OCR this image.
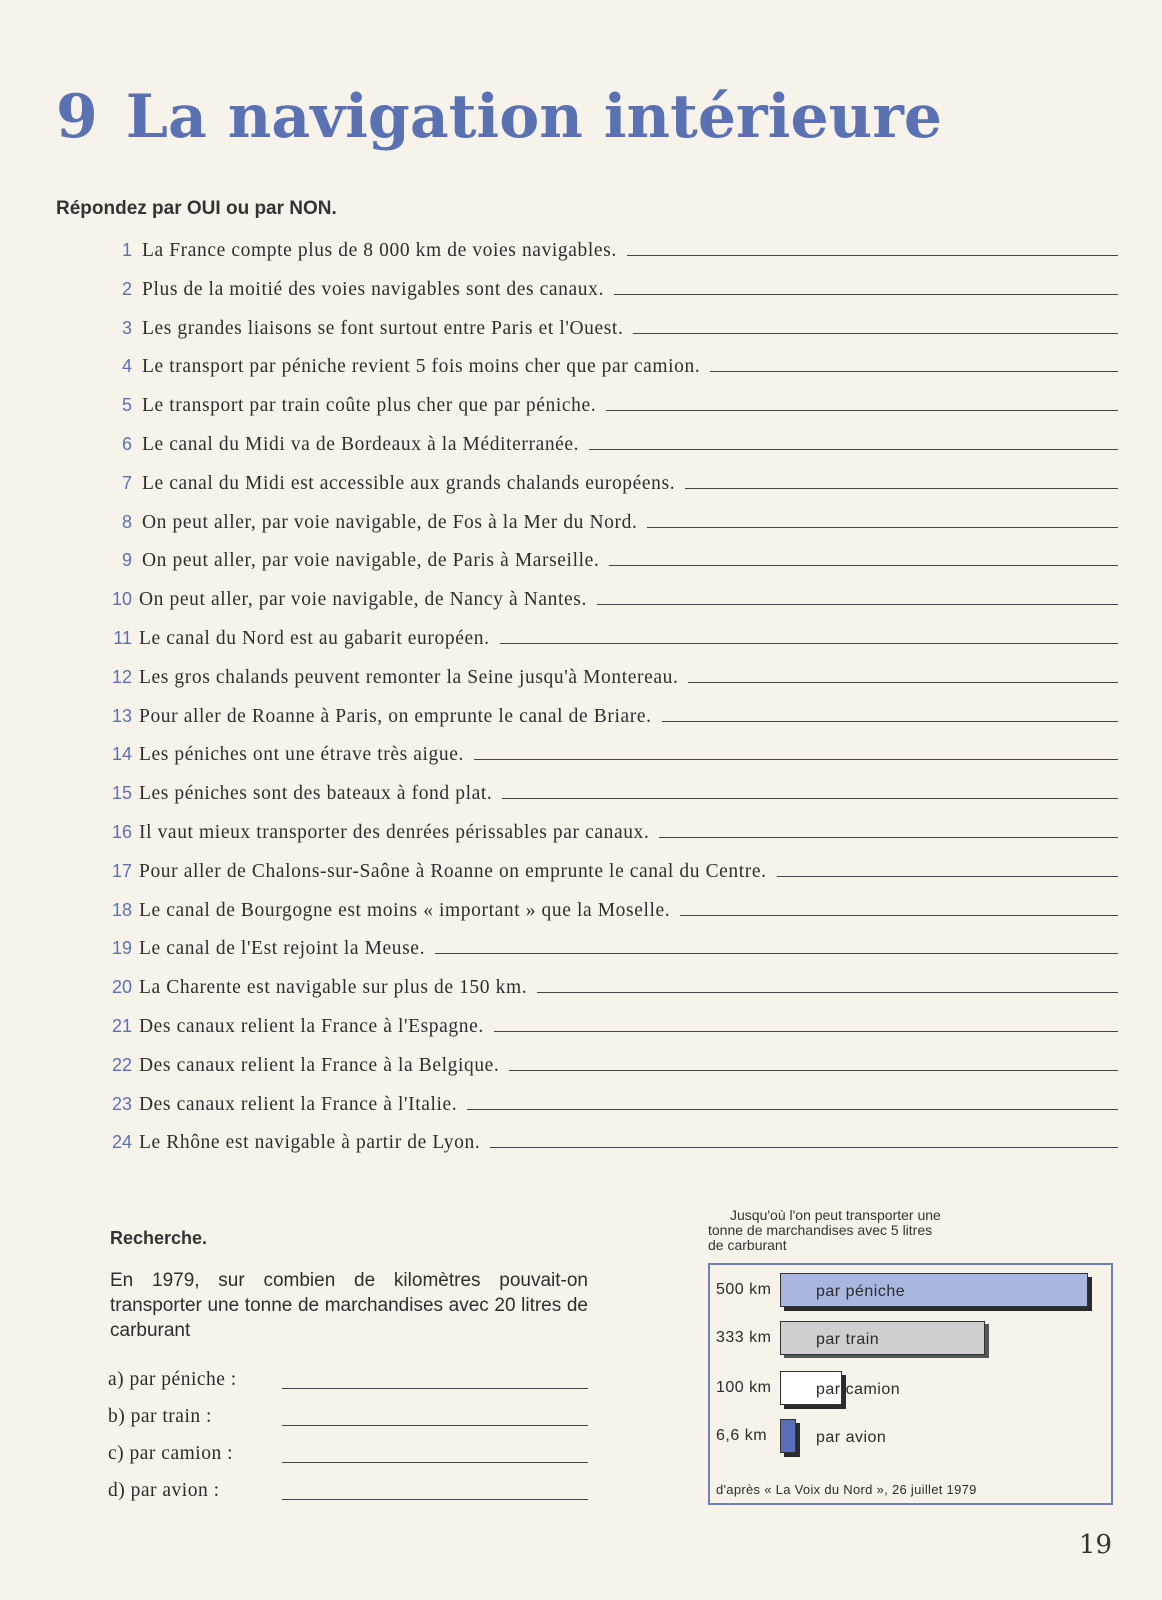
9 La navigation intérieure
Répondez par OUI ou par NON.
1 La France compte plus de 8 000 km de voies navigables.
2 Plus de la moitié des voies navigables sont des canaux.
3 Les grandes liaisons se font surtout entre Paris et l'Ouest.
4 Le transport par péniche revient 5 fois moins cher que par camion.
5 Le transport par train coûte plus cher que par péniche.
6 Le canal du Midi va de Bordeaux à la Méditerranée.
7 Le canal du Midi est accessible aux grands chalands européens.
8 On peut aller, par voie navigable, de Fos à la Mer du Nord.
9 On peut aller, par voie navigable, de Paris à Marseille.
10 On peut aller, par voie navigable, de Nancy à Nantes.
11 Le canal du Nord est au gabarit européen.
12 Les gros chalands peuvent remonter la Seine jusqu'à Montereau.
13 Pour aller de Roanne à Paris, on emprunte le canal de Briare.
14 Les péniches ont une étrave très aigue.
15 Les péniches sont des bateaux à fond plat.
16 Il vaut mieux transporter des denrées périssables par canaux.
17 Pour aller de Chalons-sur-Saône à Roanne on emprunte le canal du Centre.
18 Le canal de Bourgogne est moins « important » que la Moselle.
19 Le canal de l'Est rejoint la Meuse.
20 La Charente est navigable sur plus de 150 km.
21 Des canaux relient la France à l'Espagne.
22 Des canaux relient la France à la Belgique.
23 Des canaux relient la France à l'Italie.
24 Le Rhône est navigable à partir de Lyon.
Recherche.
En 1979, sur combien de kilomètres pouvait-on transporter une tonne de marchandises avec 20 litres de carburant
a) par péniche :
b) par train :
c) par camion :
d) par avion :
Jusqu'où l'on peut transporter une
tonne de marchandises avec 5 litres
de carburant
d'après « La Voix du Nord », 26 juillet 1979
500 km	par péniche
333 km	par train
100 km	par camion
6,6 km	par avion
19
